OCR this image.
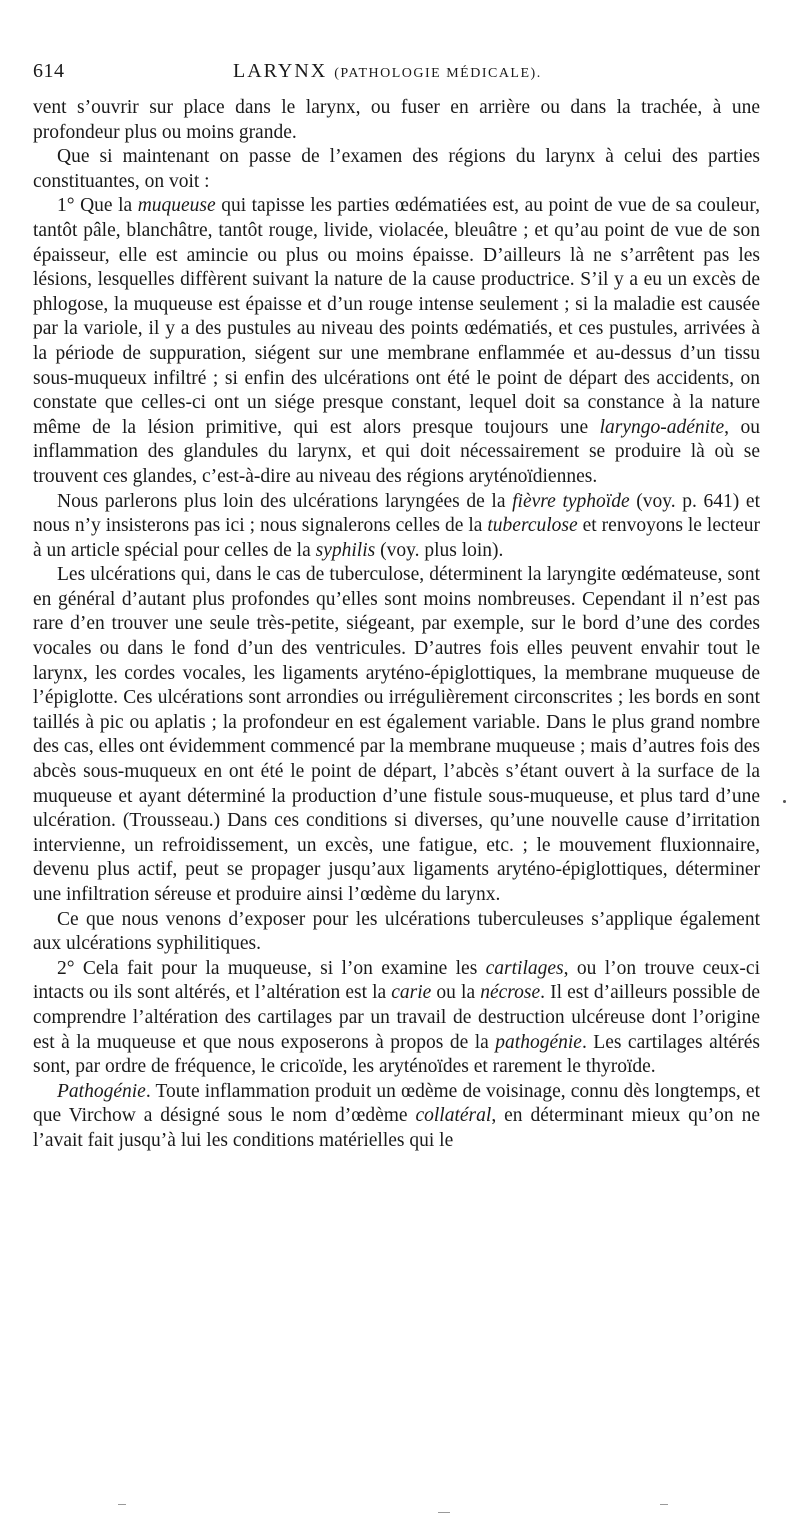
614	LARYNX (PATHOLOGIE MÉDICALE).

vent s’ouvrir sur place dans le larynx, ou fuser en arrière ou dans la trachée, à une profondeur plus ou moins grande.

Que si maintenant on passe de l’examen des régions du larynx à celui des parties constituantes, on voit :

1° Que la muqueuse qui tapisse les parties œdématiées est, au point de vue de sa couleur, tantôt pâle, blanchâtre, tantôt rouge, livide, violacée, bleuâtre ; et qu’au point de vue de son épaisseur, elle est amincie ou plus ou moins épaisse. D’ailleurs là ne s’arrêtent pas les lésions, lesquelles diffèrent suivant la nature de la cause productrice. S’il y a eu un excès de phlogose, la muqueuse est épaisse et d’un rouge intense seulement ; si la maladie est causée par la variole, il y a des pustules au niveau des points œdématiés, et ces pustules, arrivées à la période de suppuration, siégent sur une membrane enflammée et au-dessus d’un tissu sous-muqueux infiltré ; si enfin des ulcérations ont été le point de départ des accidents, on constate que celles-ci ont un siége presque constant, lequel doit sa constance à la nature même de la lésion primitive, qui est alors presque toujours une laryngo-adénite, ou inflammation des glandules du larynx, et qui doit nécessairement se produire là où se trouvent ces glandes, c’est-à-dire au niveau des régions aryténoïdiennes.

Nous parlerons plus loin des ulcérations laryngées de la fièvre typhoïde (voy. p. 641) et nous n’y insisterons pas ici ; nous signalerons celles de la tuberculose et renvoyons le lecteur à un article spécial pour celles de la syphilis (voy. plus loin).

Les ulcérations qui, dans le cas de tuberculose, déterminent la laryngite œdémateuse, sont en général d’autant plus profondes qu’elles sont moins nombreuses. Cependant il n’est pas rare d’en trouver une seule très-petite, siégeant, par exemple, sur le bord d’une des cordes vocales ou dans le fond d’un des ventricules. D’autres fois elles peuvent envahir tout le larynx, les cordes vocales, les ligaments aryténo-épiglottiques, la membrane muqueuse de l’épiglotte. Ces ulcérations sont arrondies ou irrégulièrement circonscrites ; les bords en sont taillés à pic ou aplatis ; la profondeur en est également variable. Dans le plus grand nombre des cas, elles ont évidemment commencé par la membrane muqueuse ; mais d’autres fois des abcès sous-muqueux en ont été le point de départ, l’abcès s’étant ouvert à la surface de la muqueuse et ayant déterminé la production d’une fistule sous-muqueuse, et plus tard d’une ulcération. (Trousseau.) Dans ces conditions si diverses, qu’une nouvelle cause d’irritation intervienne, un refroidissement, un excès, une fatigue, etc. ; le mouvement fluxionnaire, devenu plus actif, peut se propager jusqu’aux ligaments aryténo-épiglottiques, déterminer une infiltration séreuse et produire ainsi l’œdème du larynx.

Ce que nous venons d’exposer pour les ulcérations tuberculeuses s’applique également aux ulcérations syphilitiques.

2° Cela fait pour la muqueuse, si l’on examine les cartilages, ou l’on trouve ceux-ci intacts ou ils sont altérés, et l’altération est la carie ou la nécrose. Il est d’ailleurs possible de comprendre l’altération des cartilages par un travail de destruction ulcéreuse dont l’origine est à la muqueuse et que nous exposerons à propos de la pathogénie. Les cartilages altérés sont, par ordre de fréquence, le cricoïde, les aryténoïdes et rarement le thyroïde.

Pathogénie. Toute inflammation produit un œdème de voisinage, connu dès longtemps, et que Virchow a désigné sous le nom d’œdème collatéral, en déterminant mieux qu’on ne l’avait fait jusqu’à lui les conditions matérielles qui le
